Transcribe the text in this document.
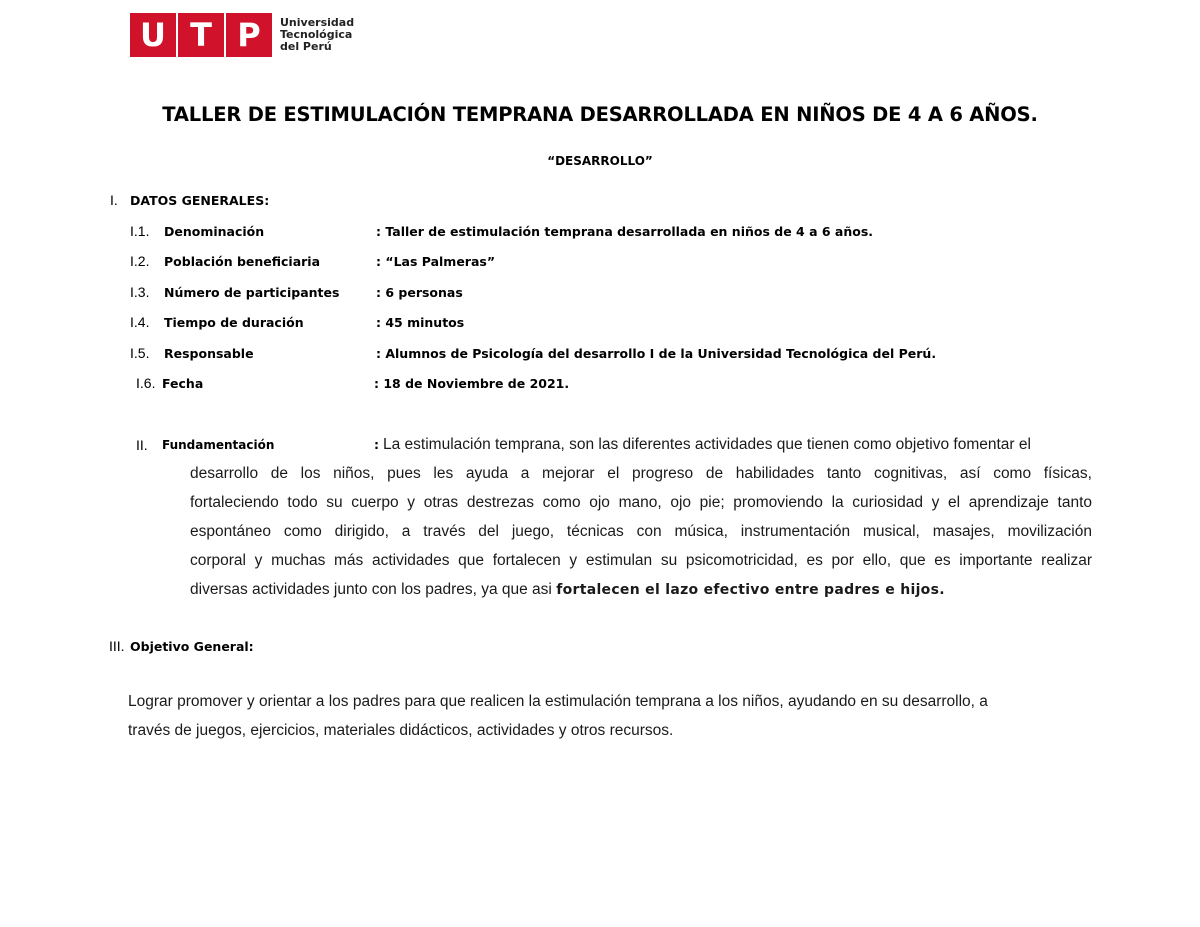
U T P	Universidad
Tecnológica
del Perú
TALLER DE ESTIMULACIÓN TEMPRANA DESARROLLADA EN NIÑOS DE 4 A 6 AÑOS.
“DESARROLLO”
I. DATOS GENERALES:
I.1.	Denominación	: Taller de estimulación temprana desarrollada en niños de 4 a 6 años.
I.2.	Población beneficiaria	: “Las Palmeras”
I.3.	Número de participantes	: 6 personas
I.4.	Tiempo de duración	: 45 minutos
I.5.	Responsable	: Alumnos de Psicología del desarrollo I de la Universidad Tecnológica del Perú.
I.6. Fecha	: 18 de Noviembre de 2021.
II.	Fundamentación	: La estimulación temprana, son las diferentes actividades que tienen como objetivo fomentar el
desarrollo de los niños, pues les ayuda a mejorar el progreso de habilidades tanto cognitivas, así como físicas,
fortaleciendo todo su cuerpo y otras destrezas como ojo mano, ojo pie; promoviendo la curiosidad y el aprendizaje tanto
espontáneo como dirigido, a través del juego, técnicas con música, instrumentación musical, masajes, movilización
corporal y muchas más actividades que fortalecen y estimulan su psicomotricidad, es por ello, que es importante realizar
diversas actividades junto con los padres, ya que asi fortalecen el lazo efectivo entre padres e hijos.
III. Objetivo General:
Lograr promover y orientar a los padres para que realicen la estimulación temprana a los niños, ayudando en su desarrollo, a
través de juegos, ejercicios, materiales didácticos, actividades y otros recursos.
